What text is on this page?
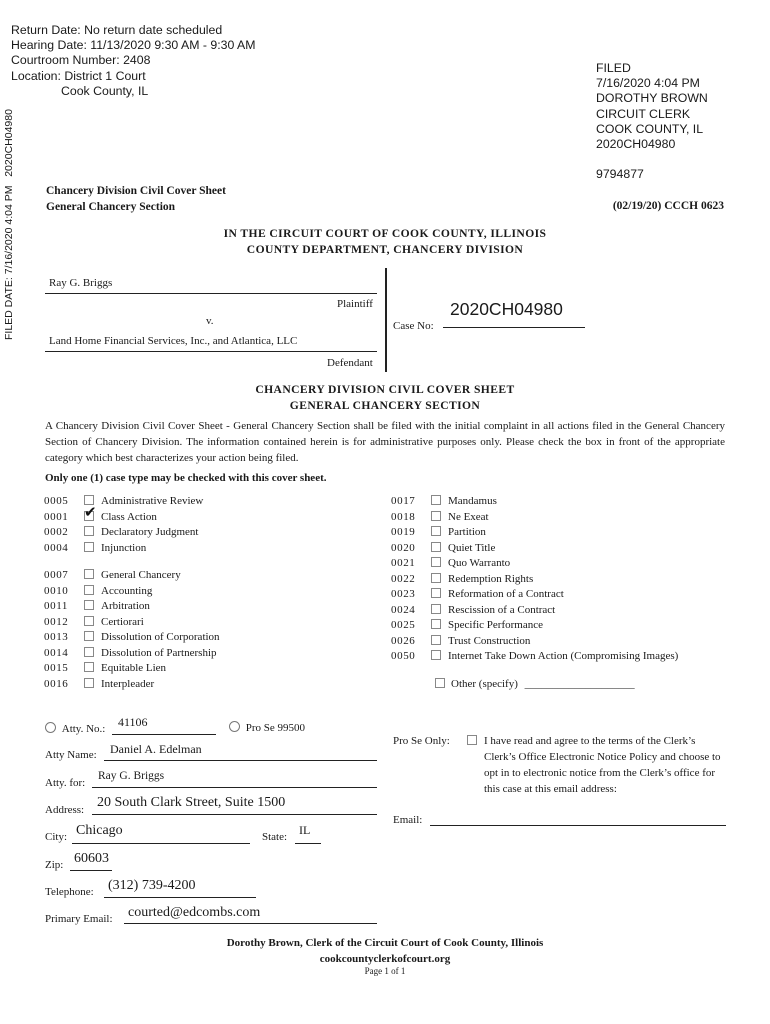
Return Date: No return date scheduled
Hearing Date: 11/13/2020 9:30 AM - 9:30 AM
Courtroom Number: 2408
Location: District 1 Court
Cook County, IL
FILED
7/16/2020 4:04 PM
DOROTHY BROWN
CIRCUIT CLERK
COOK COUNTY, IL
2020CH04980
9794877
FILED DATE: 7/16/2020 4:04 PM   2020CH04980	Chancery Division Civil Cover Sheet
General Chancery Section	(02/19/20) CCCH 0623
IN THE CIRCUIT COURT OF COOK COUNTY, ILLINOIS
COUNTY DEPARTMENT, CHANCERY DIVISION
Ray G. Briggs
Plaintiff
v.
Land Home Financial Services, Inc., and Atlantica, LLC
Defendant
Case No:
2020CH04980
CHANCERY DIVISION CIVIL COVER SHEET
GENERAL CHANCERY SECTION
A Chancery Division Civil Cover Sheet - General Chancery Section shall be filed with the initial complaint in all actions filed in the General Chancery Section of Chancery Division. The information contained herein is for administrative purposes only. Please check the box in front of the appropriate category which best characterizes your action being filed.
Only one (1) case type may be checked with this cover sheet.
0005	Administrative Review
0001 ✔ Class Action
0002	Declaratory Judgment
0004	Injunction
0007	General Chancery
0010	Accounting
0011	Arbitration
0012	Certiorari
0013	Dissolution of Corporation
0014	Dissolution of Partnership
0015	Equitable Lien
0016	Interpleader
0017	Mandamus
0018	Ne Exeat
0019	Partition
0020	Quiet Title
0021	Quo Warranto
0022	Redemption Rights
0023	Reformation of a Contract
0024	Rescission of a Contract
0025	Specific Performance
0026	Trust Construction
0050	Internet Take Down Action (Compromising Images)
Other (specify) ____________________
Atty. No.: 41106	Pro Se 99500
Atty Name: Daniel A. Edelman
Atty. for:
Ray G. Briggs
Address: 20 South Clark Street, Suite 1500
City: Chicago	State: IL
Zip: 60603
Telephone: (312) 739-4200
Primary Email: courted@edcombs.com
Pro Se Only:	I have read and agree to the terms of the Clerk’s Clerk’s Office Electronic Notice Policy and choose to opt in to electronic notice from the Clerk’s office for this case at this email address:
Email:
Dorothy Brown, Clerk of the Circuit Court of Cook County, Illinois
cookcountyclerkofcourt.org
Page 1 of 1
